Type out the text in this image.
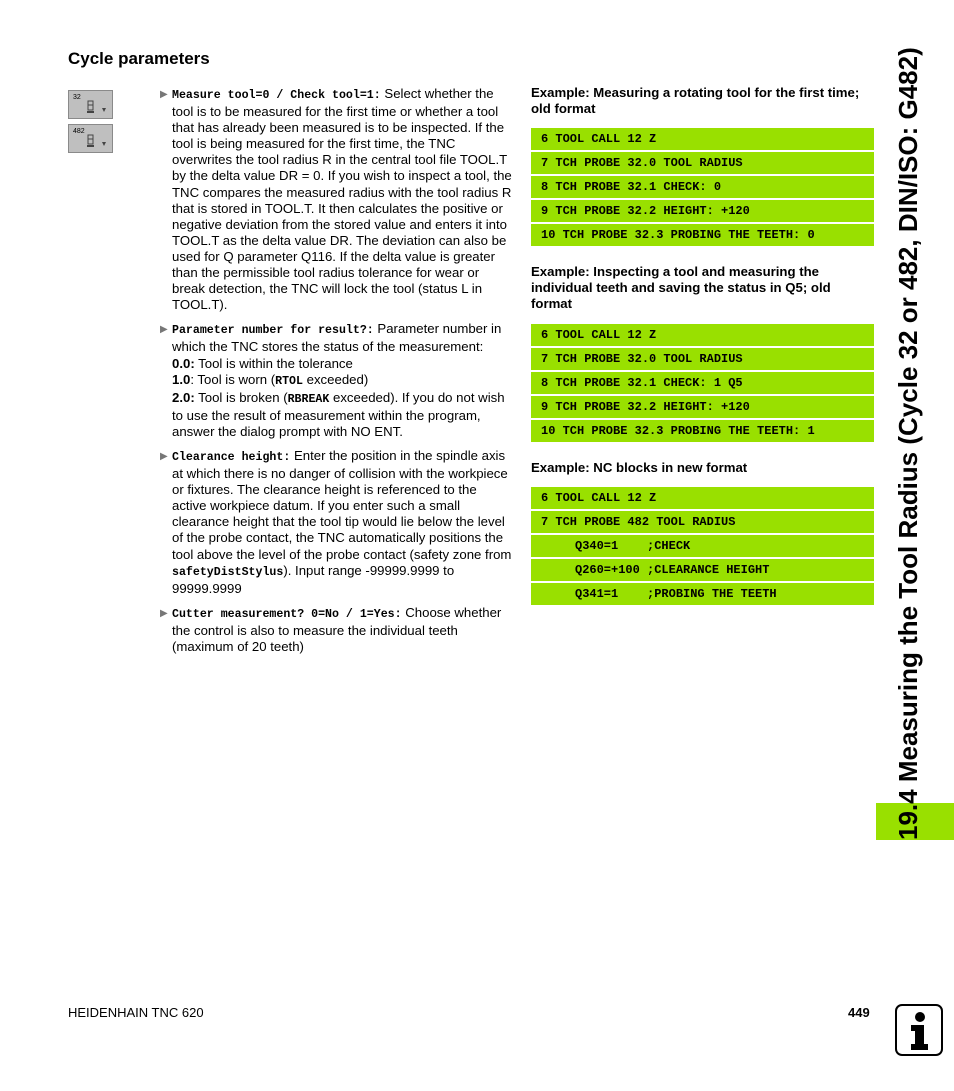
Cycle parameters
32
482
▶ Measure tool=0 / Check tool=1: Select whether the tool is to be measured for the first time or whether a tool that has already been measured is to be inspected. If the tool is being measured for the first time, the TNC overwrites the tool radius R in the central tool file TOOL.T by the delta value DR = 0. If you wish to inspect a tool, the TNC compares the measured radius with the tool radius R that is stored in TOOL.T. It then calculates the positive or negative deviation from the stored value and enters it into TOOL.T as the delta value DR. The deviation can also be used for Q parameter Q116. If the delta value is greater than the permissible tool radius tolerance for wear or break detection, the TNC will lock the tool (status L in TOOL.T).
▶ Parameter number for result?: Parameter number in which the TNC stores the status of the measurement:
0.0: Tool is within the tolerance
1.0: Tool is worn (RTOL exceeded)
2.0: Tool is broken (RBREAK exceeded). If you do not wish to use the result of measurement within the program, answer the dialog prompt with NO ENT.
▶ Clearance height: Enter the position in the spindle axis at which there is no danger of collision with the workpiece or fixtures. The clearance height is referenced to the active workpiece datum. If you enter such a small clearance height that the tool tip would lie below the level of the probe contact, the TNC automatically positions the tool above the level of the probe contact (safety zone from safetyDistStylus). Input range -99999.9999 to 99999.9999
▶ Cutter measurement? 0=No / 1=Yes: Choose whether the control is also to measure the individual teeth (maximum of 20 teeth)
Example: Measuring a rotating tool for the first time; old format
6 TOOL CALL 12 Z
7 TCH PROBE 32.0 TOOL RADIUS
8 TCH PROBE 32.1 CHECK: 0
9 TCH PROBE 32.2 HEIGHT: +120
10 TCH PROBE 32.3 PROBING THE TEETH: 0
Example: Inspecting a tool and measuring the individual teeth and saving the status in Q5; old format
6 TOOL CALL 12 Z
7 TCH PROBE 32.0 TOOL RADIUS
8 TCH PROBE 32.1 CHECK: 1 Q5
9 TCH PROBE 32.2 HEIGHT: +120
10 TCH PROBE 32.3 PROBING THE TEETH: 1
Example: NC blocks in new format
6 TOOL CALL 12 Z
7 TCH PROBE 482 TOOL RADIUS
Q340=1    ;CHECK
Q260=+100 ;CLEARANCE HEIGHT
Q341=1    ;PROBING THE TEETH	19.4 Measuring the Tool Radius (Cycle 32 or 482, DIN/ISO: G482)
HEIDENHAIN TNC 620	449
